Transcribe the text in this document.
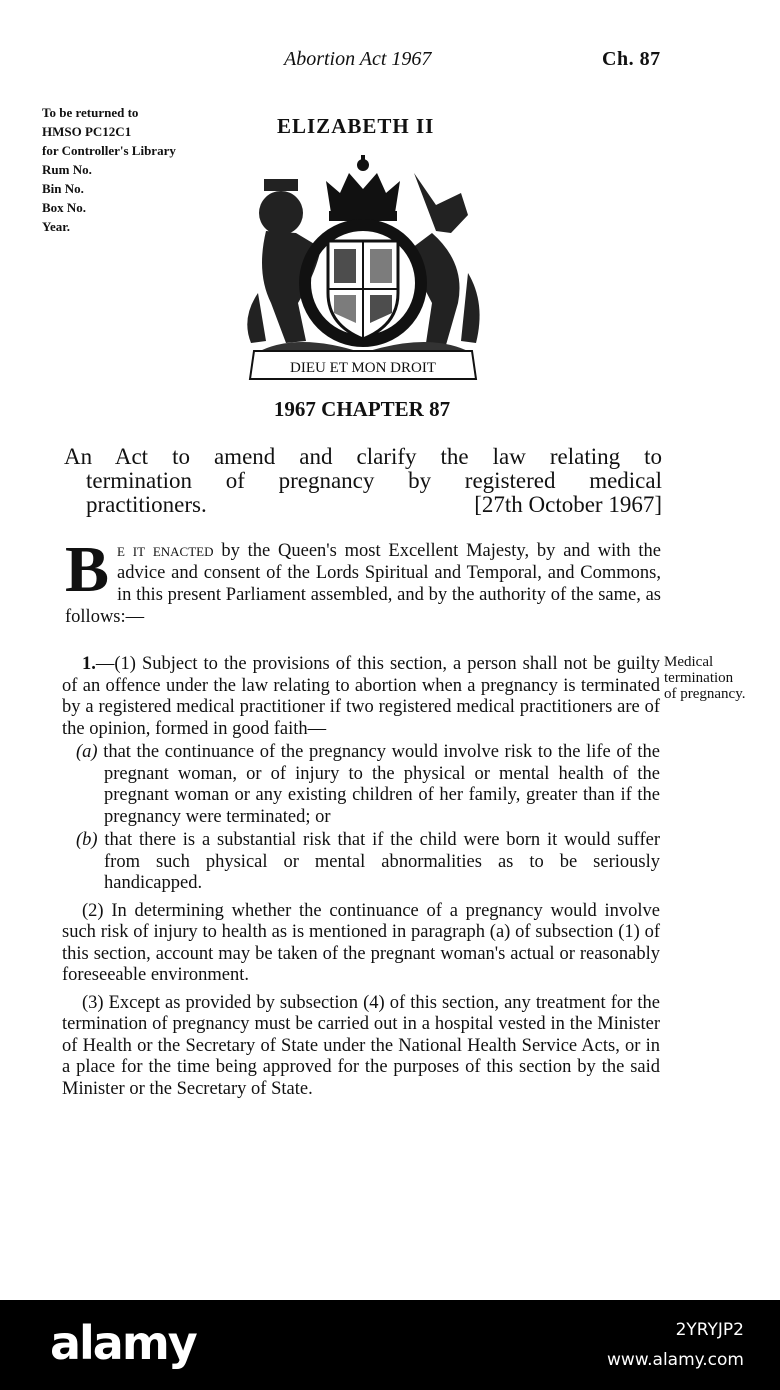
Abortion Act 1967	Ch. 87

To be returned to
HMSO PC12C1
for Controller's Library
Rum No.
Bin No.
Box No.
Year.

ELIZABETH II

DIEU ET MON DROIT

1967 CHAPTER 87

An Act to amend and clarify the law relating to
termination of pregnancy by registered medical
practitioners.	[27th October 1967]
Be it enacted by the Queen's most Excellent Majesty, by and with the advice and consent of the Lords Spiritual and Temporal, and Commons, in this present Parliament assembled, and by the authority of the same, as follows:—
1.—(1) Subject to the provisions of this section, a person shall not be guilty of an offence under the law relating to abortion when a pregnancy is terminated by a registered medical practitioner if two registered medical practitioners are of the opinion, formed in good faith—
(a) that the continuance of the pregnancy would involve risk to the life of the pregnant woman, or of injury to the physical or mental health of the pregnant woman or any existing children of her family, greater than if the pregnancy were terminated; or
(b) that there is a substantial risk that if the child were born it would suffer from such physical or mental abnormalities as to be seriously handicapped.
(2) In determining whether the continuance of a pregnancy would involve such risk of injury to health as is mentioned in paragraph (a) of subsection (1) of this section, account may be taken of the pregnant woman's actual or reasonably foreseeable environment.
(3) Except as provided by subsection (4) of this section, any treatment for the termination of pregnancy must be carried out in a hospital vested in the Minister of Health or the Secretary of State under the National Health Service Acts, or in a place for the time being approved for the purposes of this section by the said Minister or the Secretary of State.
Medical
termination
of pregnancy.
alamy	2YRYJP2
www.alamy.com
